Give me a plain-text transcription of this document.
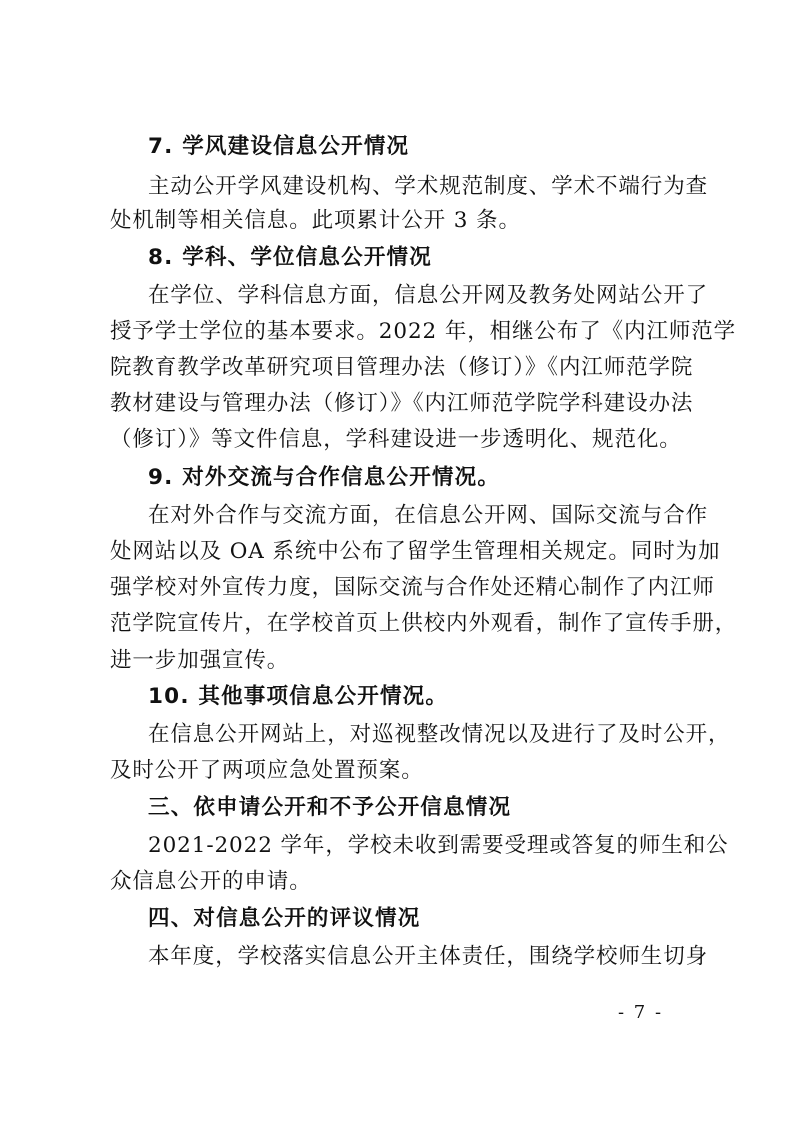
7. 学风建设信息公开情况
主动公开学风建设机构、学术规范制度、学术不端行为查
处机制等相关信息。此项累计公开 3 条。
8. 学科、学位信息公开情况
在学位、学科信息方面，信息公开网及教务处网站公开了
授予学士学位的基本要求。2022 年，相继公布了《内江师范学
院教育教学改革研究项目管理办法（修订）》《内江师范学院
教材建设与管理办法（修订）》《内江师范学院学科建设办法
（修订）》等文件信息，学科建设进一步透明化、规范化。
9. 对外交流与合作信息公开情况。
在对外合作与交流方面，在信息公开网、国际交流与合作
处网站以及 OA 系统中公布了留学生管理相关规定。同时为加
强学校对外宣传力度，国际交流与合作处还精心制作了内江师
范学院宣传片，在学校首页上供校内外观看，制作了宣传手册，
进一步加强宣传。
10. 其他事项信息公开情况。
在信息公开网站上，对巡视整改情况以及进行了及时公开，
及时公开了两项应急处置预案。
三、依申请公开和不予公开信息情况
2021-2022 学年，学校未收到需要受理或答复的师生和公
众信息公开的申请。
四、对信息公开的评议情况
本年度，学校落实信息公开主体责任，围绕学校师生切身
- 7 -
